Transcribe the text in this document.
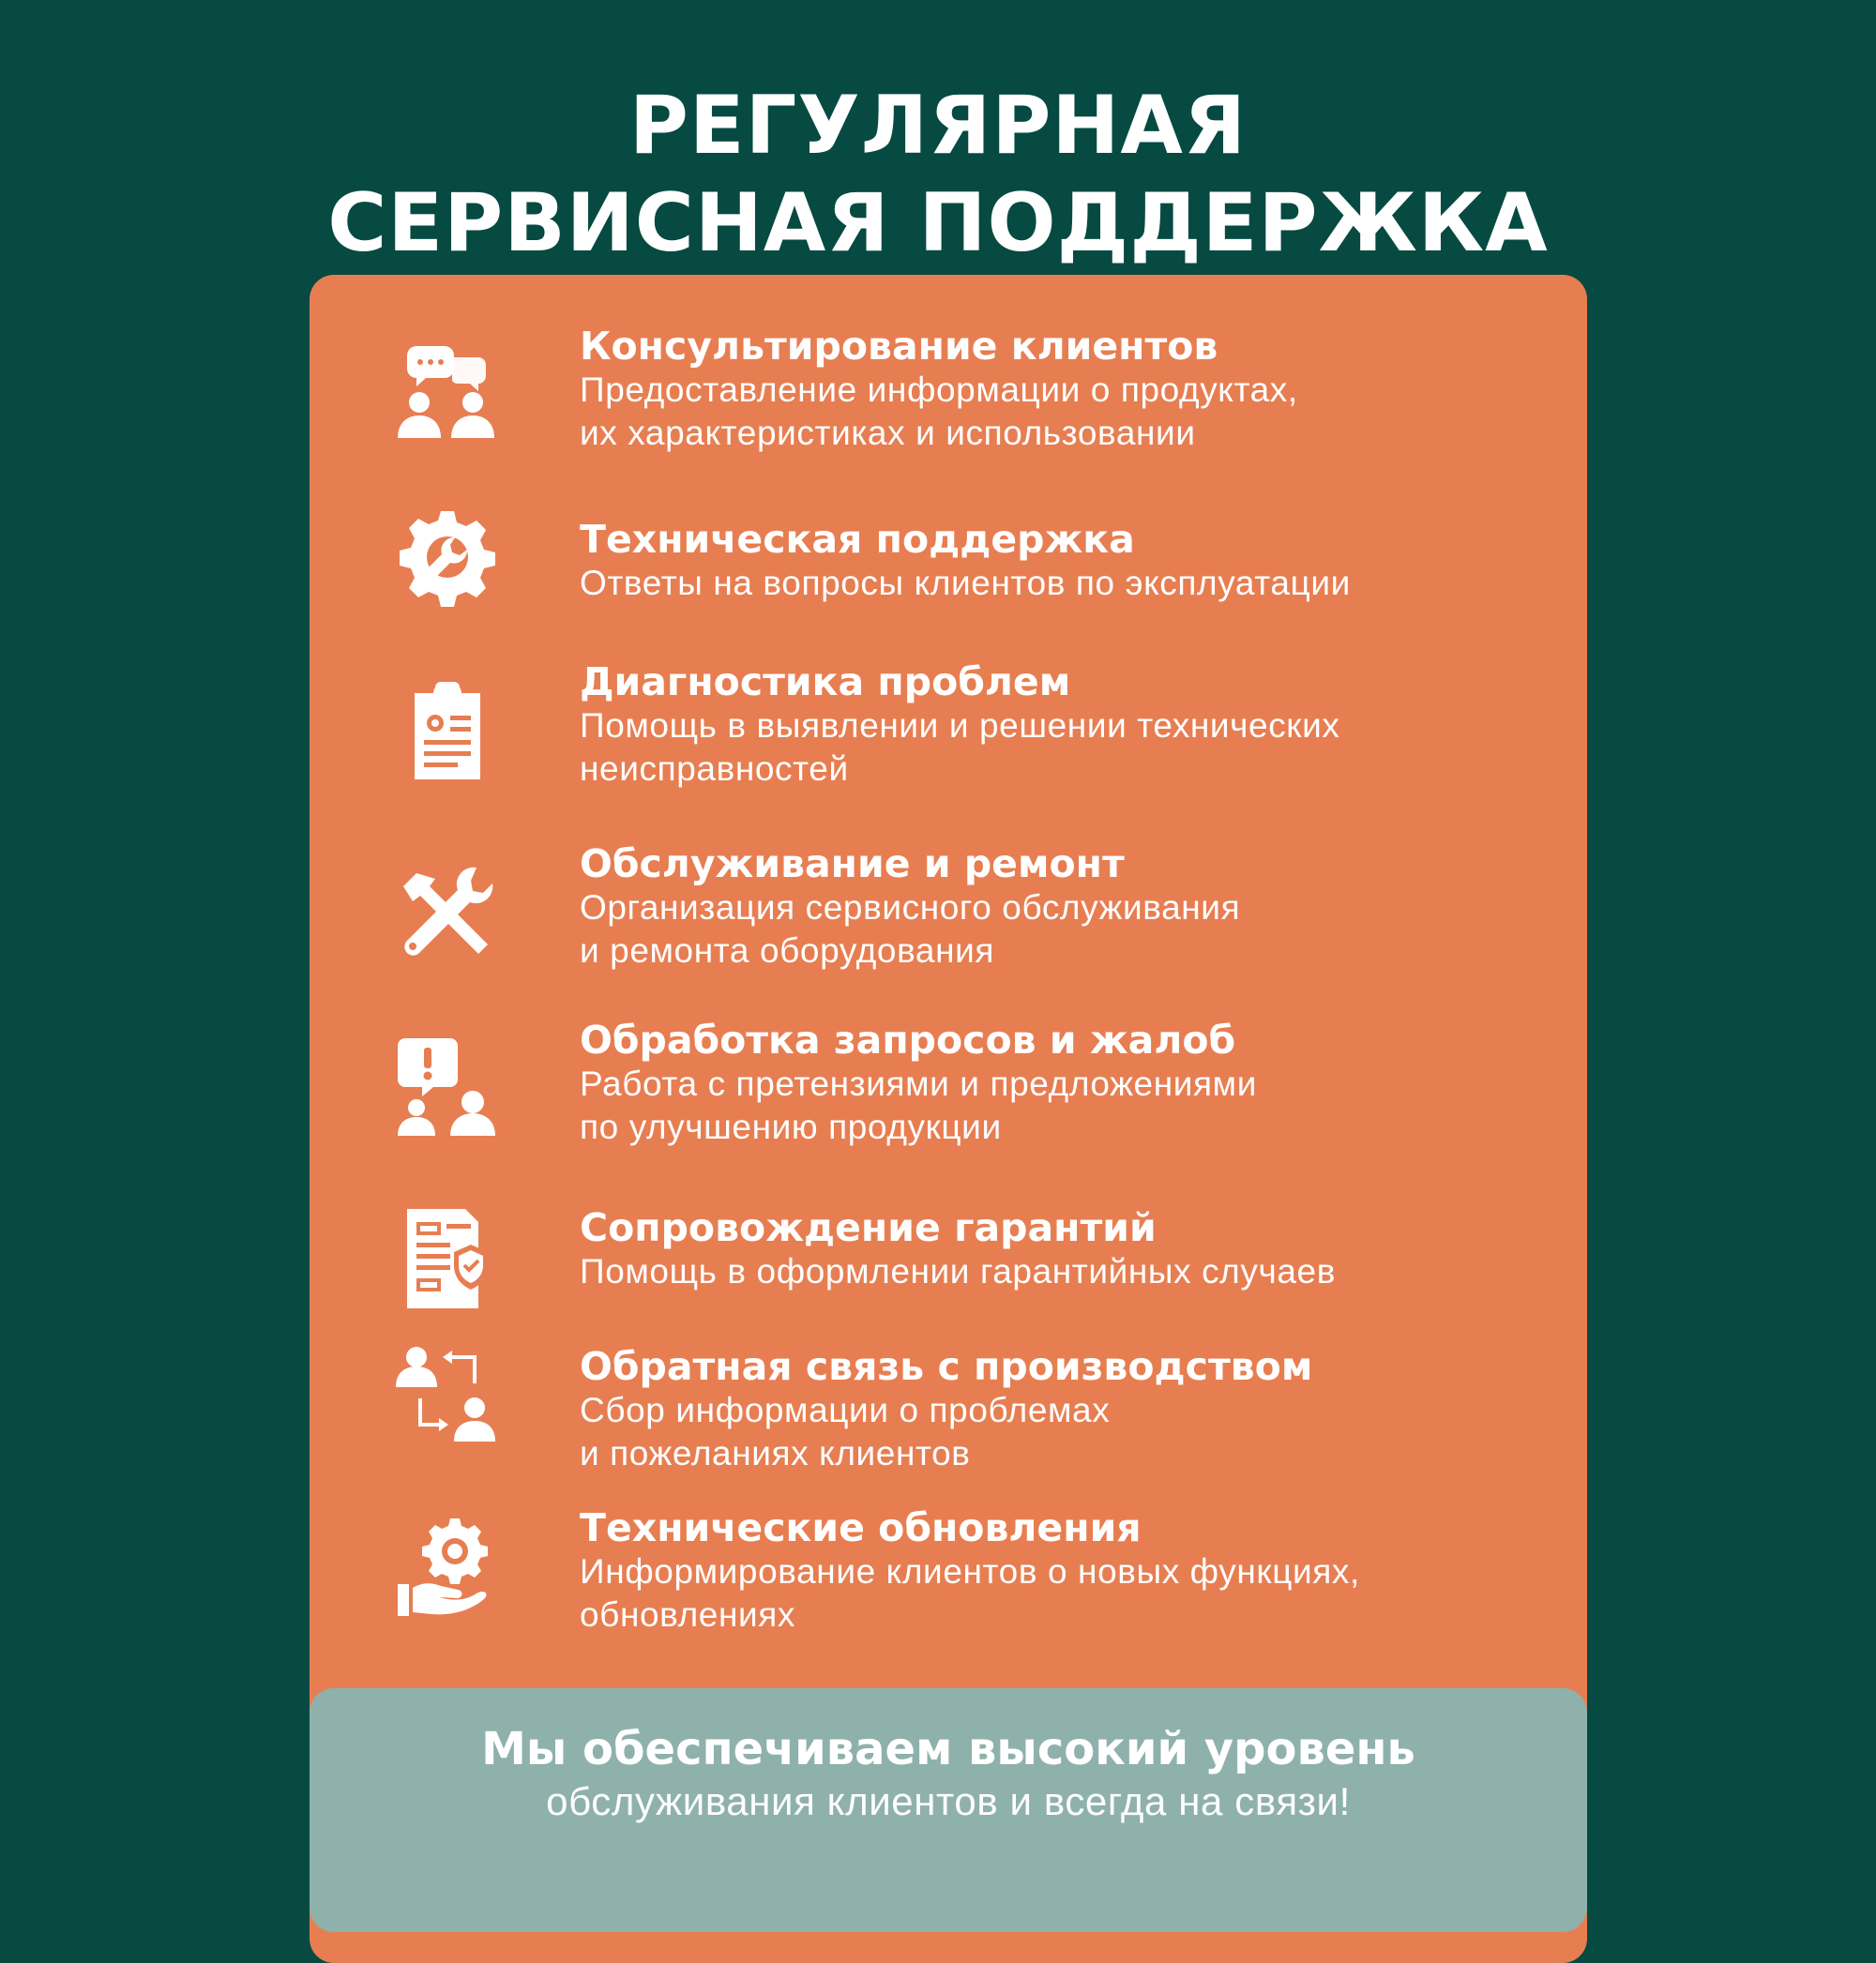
РЕГУЛЯРНАЯ
СЕРВИСНАЯ ПОДДЕРЖКА
Консультирование клиентов
Предоставление информации о продуктах,
их характеристиках и использовании
Техническая поддержка
Ответы на вопросы клиентов по эксплуатации
Диагностика проблем
Помощь в выявлении и решении технических
неисправностей
Обслуживание и ремонт
Организация сервисного обслуживания
и ремонта оборудования
Обработка запросов и жалоб
Работа с претензиями и предложениями
по улучшению продукции
Сопровождение гарантий
Помощь в оформлении гарантийных случаев
Обратная связь с производством
Сбор информации о проблемах
и пожеланиях клиентов
Технические обновления
Информирование клиентов о новых функциях,
обновлениях
Мы обеспечиваем высокий уровень
обслуживания клиентов и всегда на связи!
